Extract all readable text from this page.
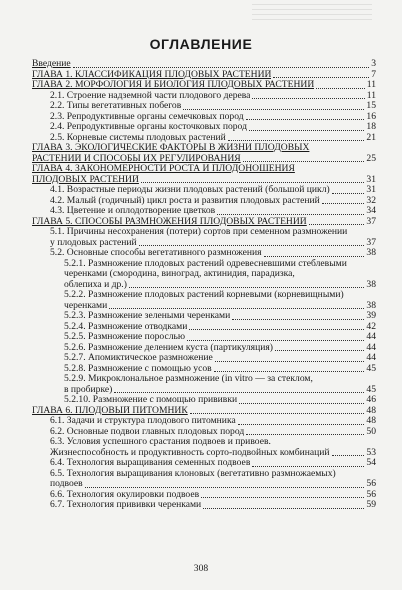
ОГЛАВЛЕНИЕ
Введение	3
ГЛАВА 1. КЛАССИФИКАЦИЯ ПЛОДОВЫХ РАСТЕНИЙ	7
ГЛАВА 2. МОРФОЛОГИЯ И БИОЛОГИЯ ПЛОДОВЫХ РАСТЕНИЙ	11
2.1. Строение надземной части плодового дерева	11
2.2. Типы вегетативных побегов	15
2.3. Репродуктивные органы семечковых пород	16
2.4. Репродуктивные органы косточковых пород	18
2.5. Корневые системы плодовых растений	21
ГЛАВА 3. ЭКОЛОГИЧЕСКИЕ ФАКТОРЫ В ЖИЗНИ ПЛОДОВЫХ
РАСТЕНИЙ И СПОСОБЫ ИХ РЕГУЛИРОВАНИЯ	25
ГЛАВА 4. ЗАКОНОМЕРНОСТИ РОСТА И ПЛОДОНОШЕНИЯ
ПЛОДОВЫХ РАСТЕНИЙ	31
4.1. Возрастные периоды жизни плодовых растений (большой цикл)	31
4.2. Малый (годичный) цикл роста и развития плодовых растений	32
4.3. Цветение и оплодотворение цветков	34
ГЛАВА 5. СПОСОБЫ РАЗМНОЖЕНИЯ ПЛОДОВЫХ РАСТЕНИЙ	37
5.1. Причины несохранения (потери) сортов при семенном размножении
у плодовых растений	37
5.2. Основные способы вегетативного размножения	38
5.2.1. Размножение плодовых растений одревесневшими стеблевыми
черенками (смородина, виноград, актинидия, парадизка,
облепиха и др.)	38
5.2.2. Размножение плодовых растений корневыми (корневищными)
черенками	38
5.2.3. Размножение зелеными черенками	39
5.2.4. Размножение отводками	42
5.2.5. Размножение порослью	44
5.2.6. Размножение делением куста (партикуляция)	44
5.2.7. Апомиктическое размножение	44
5.2.8. Размножение с помощью усов	45
5.2.9. Микроклональное размножение (in vitro — за стеклом,
в пробирке)	45
5.2.10. Размножение с помощью прививки	46
ГЛАВА 6. ПЛОДОВЫЙ ПИТОМНИК	48
6.1. Задачи и структура плодового питомника	48
6.2. Основные подвои главных плодовых пород	50
6.3. Условия успешного срастания подвоев и привоев.
Жизнеспособность и продуктивность сорто-подвойных комбинаций	53
6.4. Технология выращивания семенных подвоев	54
6.5. Технология выращивания клоновых (вегетативно размножаемых)
подвоев	56
6.6. Технология окулировки подвоев	56
6.7. Технология прививки черенками	59
308
